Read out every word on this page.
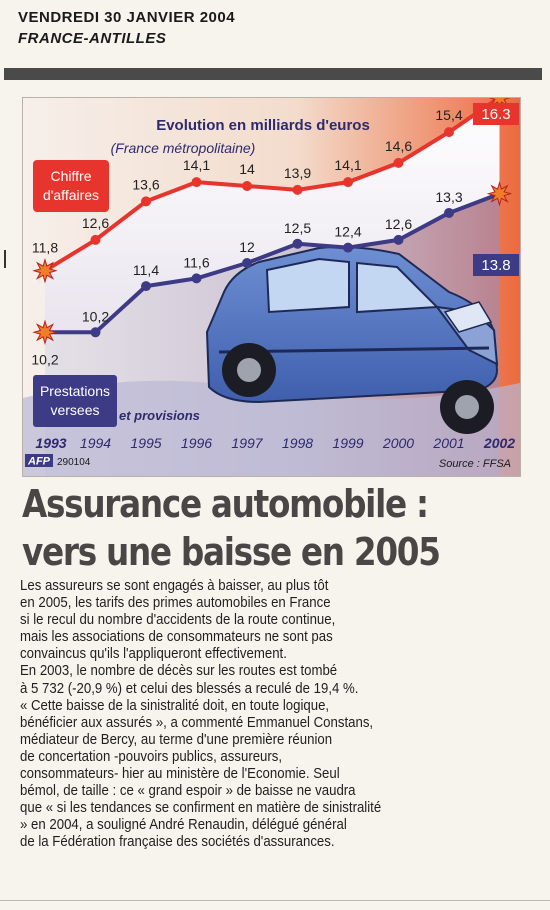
VENDREDI 30 JANVIER 2004
FRANCE-ANTILLES
Evolution en milliards d'euros
(France métropolitaine)
11,8
12,6
13,6
14,1 14 13,9 14,1
14,6
15,4 16.3
10,2
10,2
11,4 11,6
12
12,5 12,4 12,6
13,3
13.8
1993 1994 1995 1996 1997 1998 1999 2000 2001 2002
Chiffre
d'affaires
Prestations
versees et provisions
AFP 290104	Source : FFSA
Assurance automobile :
vers une baisse en 2005
Les assureurs se sont engagés à baisser, au plus tôt
en 2005, les tarifs des primes automobiles en France
si le recul du nombre d'accidents de la route continue,
mais les associations de consommateurs ne sont pas
convaincus qu'ils l'appliqueront effectivement.
En 2003, le nombre de décès sur les routes est tombé
à 5 732 (-20,9 %) et celui des blessés a reculé de 19,4 %.
« Cette baisse de la sinistralité doit, en toute logique,
bénéficier aux assurés », a commenté Emmanuel Constans,
médiateur de Bercy, au terme d'une première réunion
de concertation -pouvoirs publics, assureurs,
consommateurs- hier au ministère de l'Economie. Seul
bémol, de taille : ce « grand espoir » de baisse ne vaudra
que « si les tendances se confirment en matière de sinistralité
» en 2004, a souligné André Renaudin, délégué général
de la Fédération française des sociétés d'assurances.
